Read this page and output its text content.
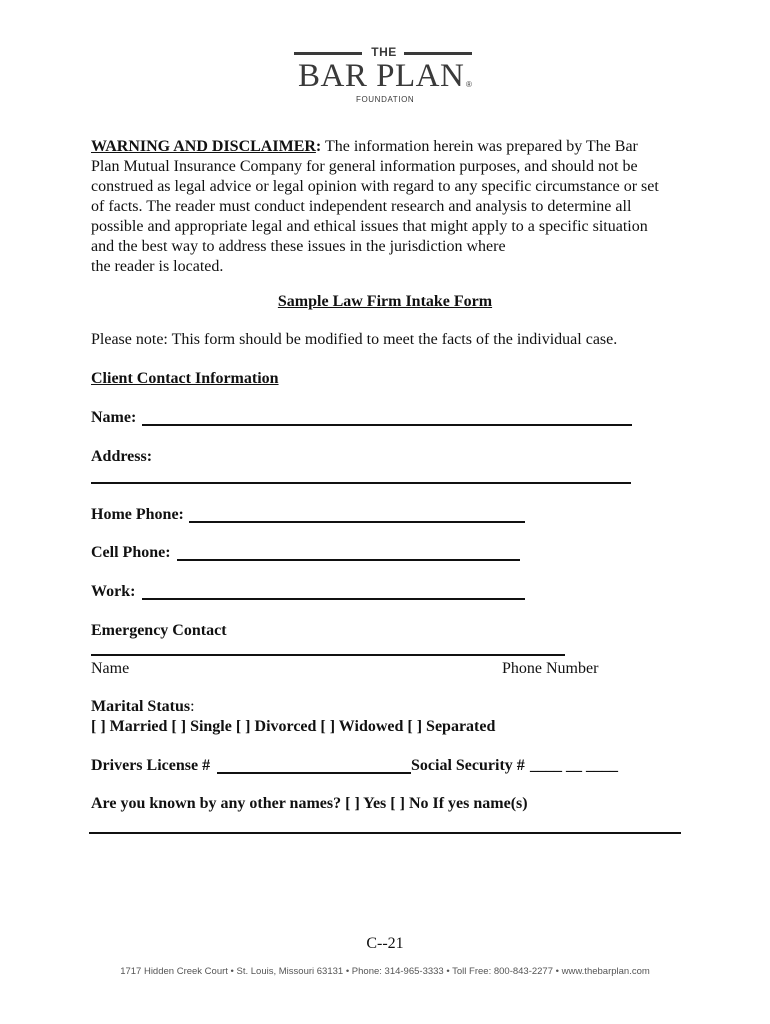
THE
BAR PLAN ®
FOUNDATION
WARNING AND DISCLAIMER: The information herein was prepared by The Bar
Plan Mutual Insurance Company for general information purposes, and should not be
construed as legal advice or legal opinion with regard to any specific circumstance or set
of facts. The reader must conduct independent research and analysis to determine all
possible and appropriate legal and ethical issues that might apply to a specific situation
and the best way to address these issues in the jurisdiction where
the reader is located.
Sample Law Firm Intake Form
Please note: This form should be modified to meet the facts of the individual case.
Client Contact Information
Name:
Address:
Home Phone:
Cell Phone:
Work:
Emergency Contact
Name	Phone Number
Marital Status:
[ ] Married [ ] Single [ ] Divorced [ ] Widowed [ ] Separated
Drivers License #	Social Security # ____ __ ____
Are you known by any other names? [ ] Yes [ ] No If yes name(s)
C--21
1717 Hidden Creek Court • St. Louis, Missouri 63131 • Phone: 314-965-3333 • Toll Free: 800-843-2277 • www.thebarplan.com
